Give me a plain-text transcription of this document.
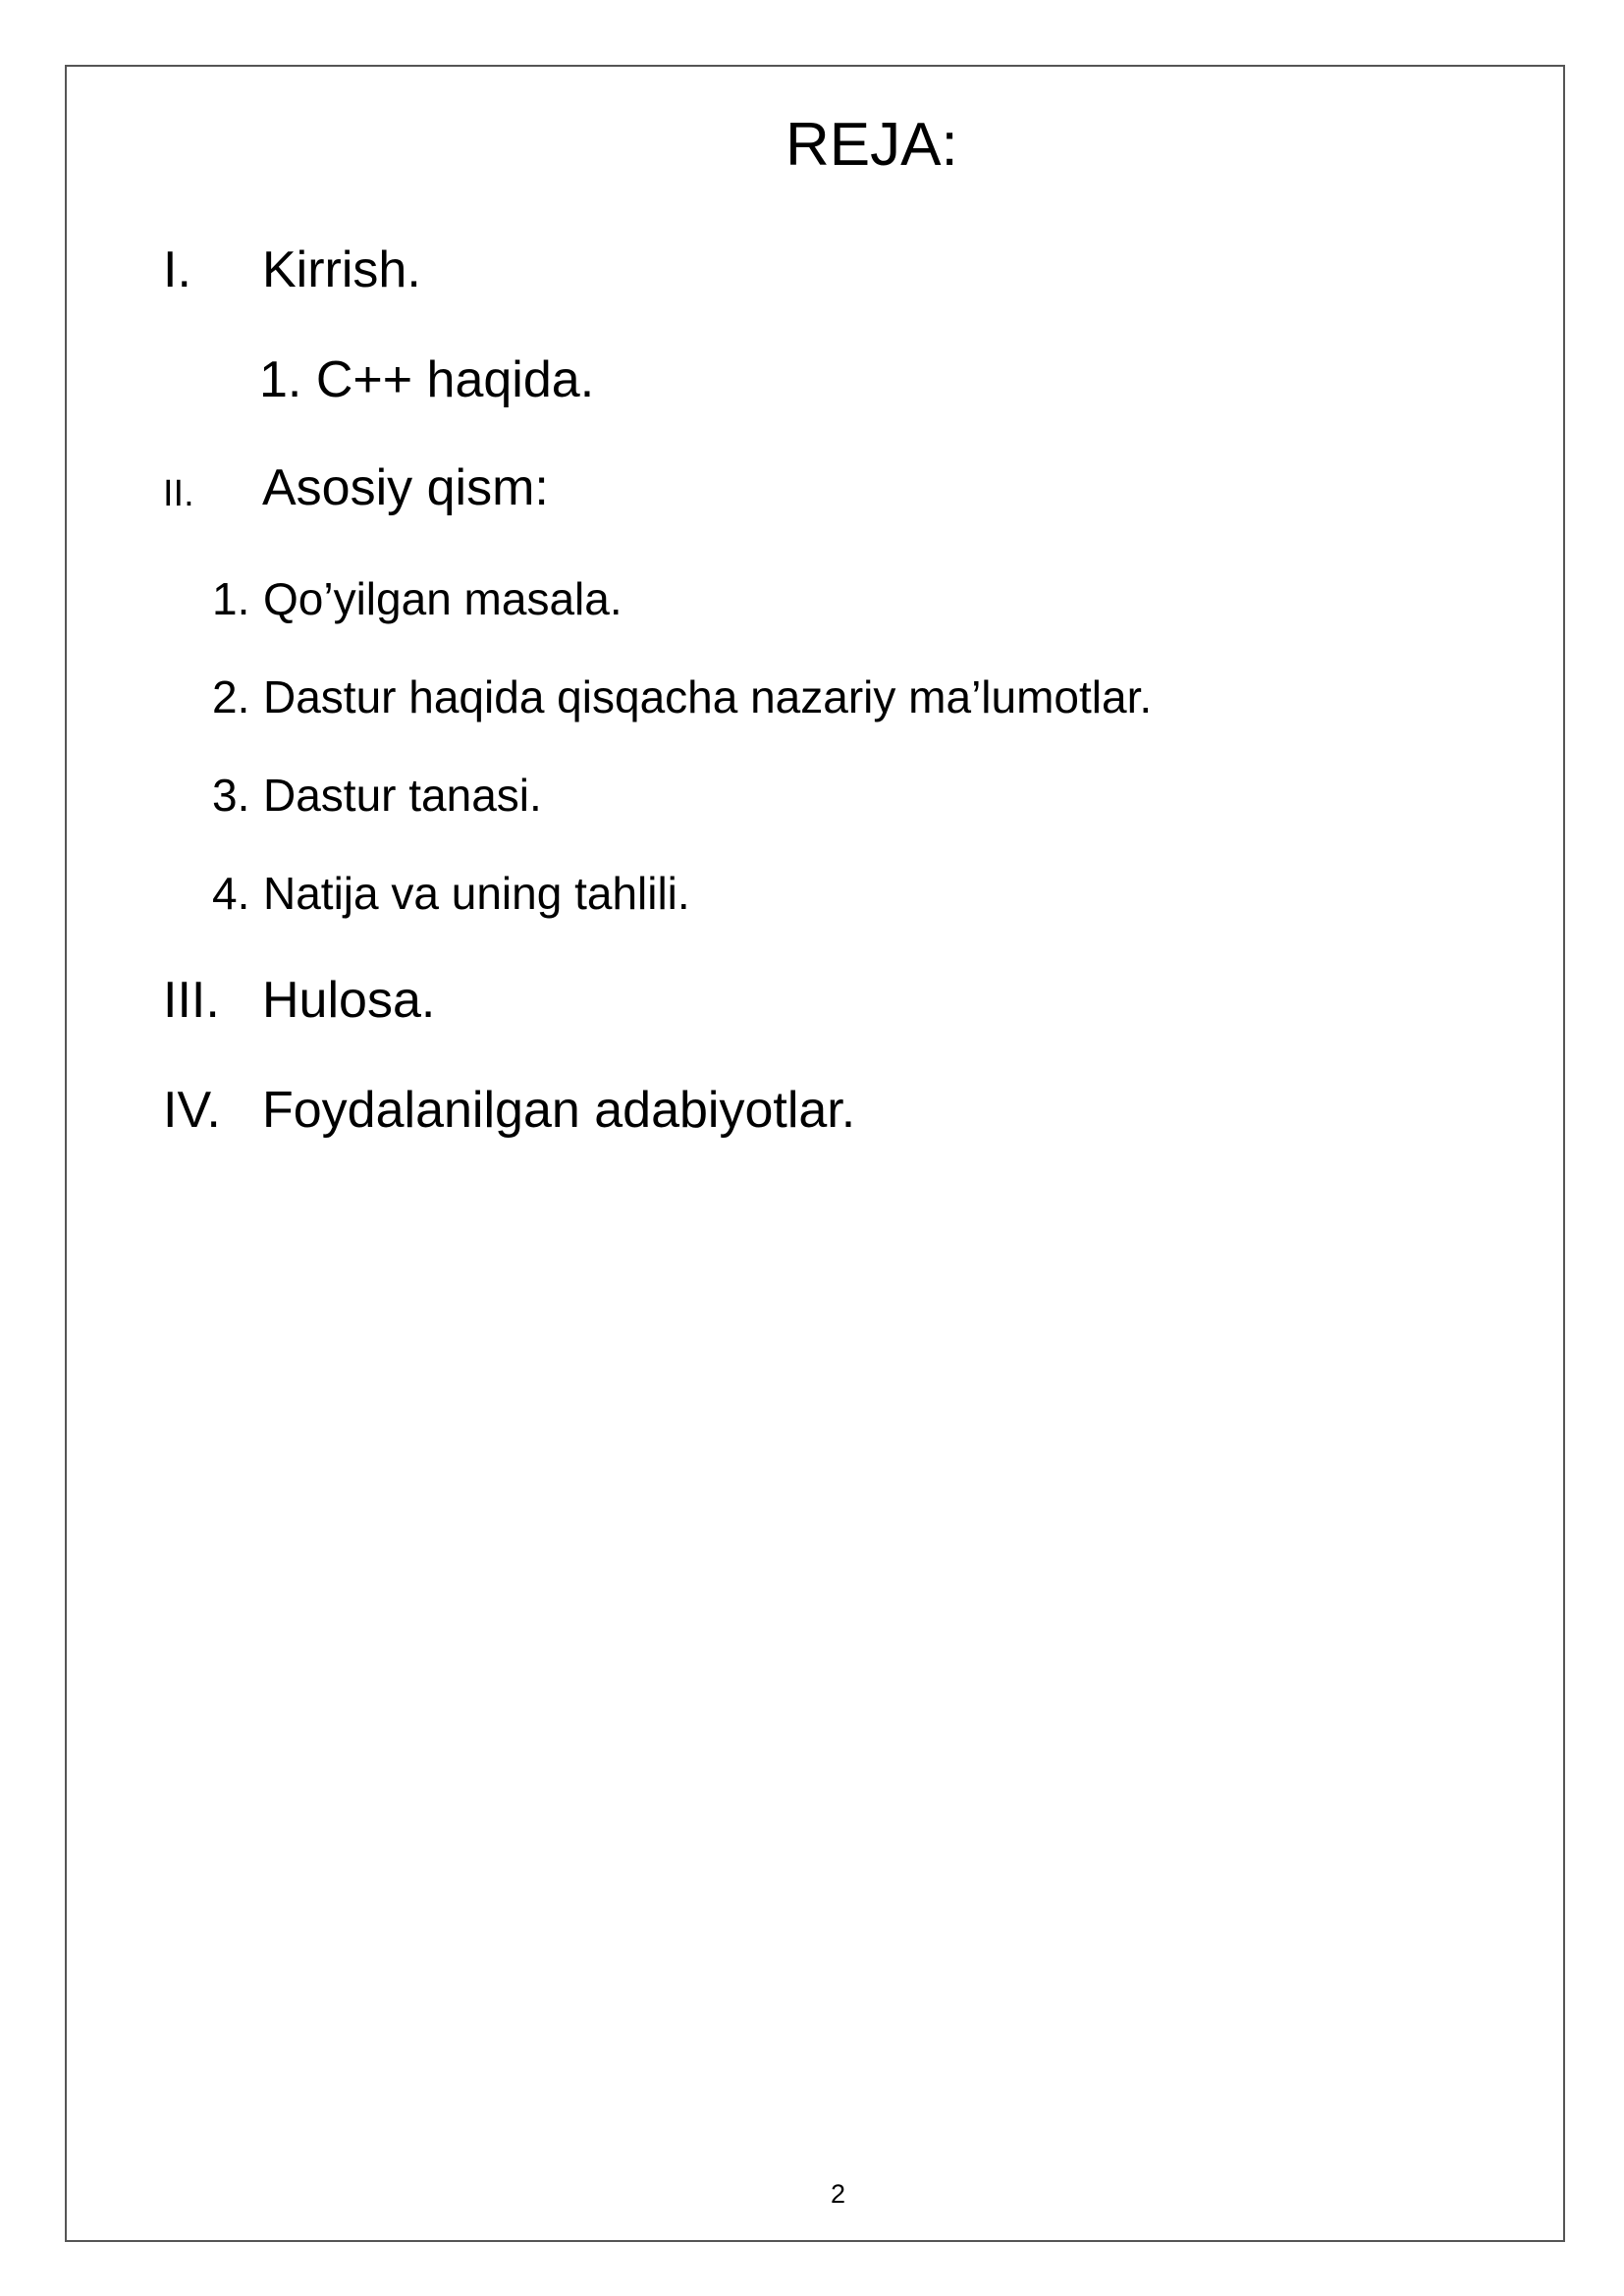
REJA:
I. Kirrish.
1. C++ haqida.
II. Asosiy qism:
1. Qo’yilgan masala.
2. Dastur haqida qisqacha nazariy ma’lumotlar.
3. Dastur tanasi.
4. Natija va uning tahlili.
III. Hulosa.
IV. Foydalanilgan adabiyotlar.
2
